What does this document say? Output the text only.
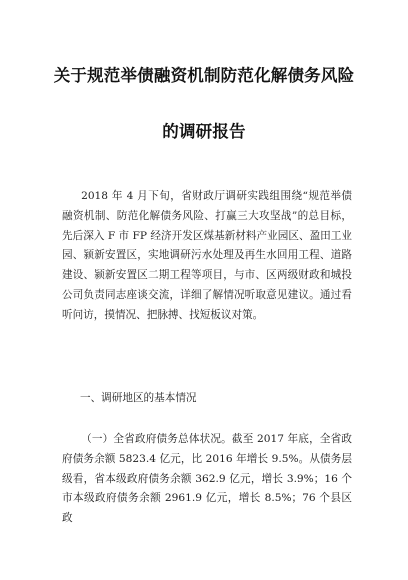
关于规范举债融资机制防范化解债务风险
的调研报告

2018 年 4 月下旬，省财政厅调研实践组围绕“规范举债融资机制、防范化解债务风险、打赢三大攻坚战”的总目标，先后深入 F 市 FP 经济开发区煤基新材料产业园区、盈田工业园、颍新安置区，实地调研污水处理及再生水回用工程、道路建设、颍新安置区二期工程等项目，与市、区两级财政和城投公司负责同志座谈交流，详细了解情况听取意见建议。通过看听问访，摸情况、把脉搏、找短板议对策。

一、调研地区的基本情况

（一）全省政府债务总体状况。截至 2017 年底，全省政府债务余额 5823.4 亿元，比 2016 年增长 9.5%。从债务层级看，省本级政府债务余额 362.9 亿元，增长 3.9%；16 个市本级政府债务余额 2961.9 亿元，增长 8.5%；76 个县区政
